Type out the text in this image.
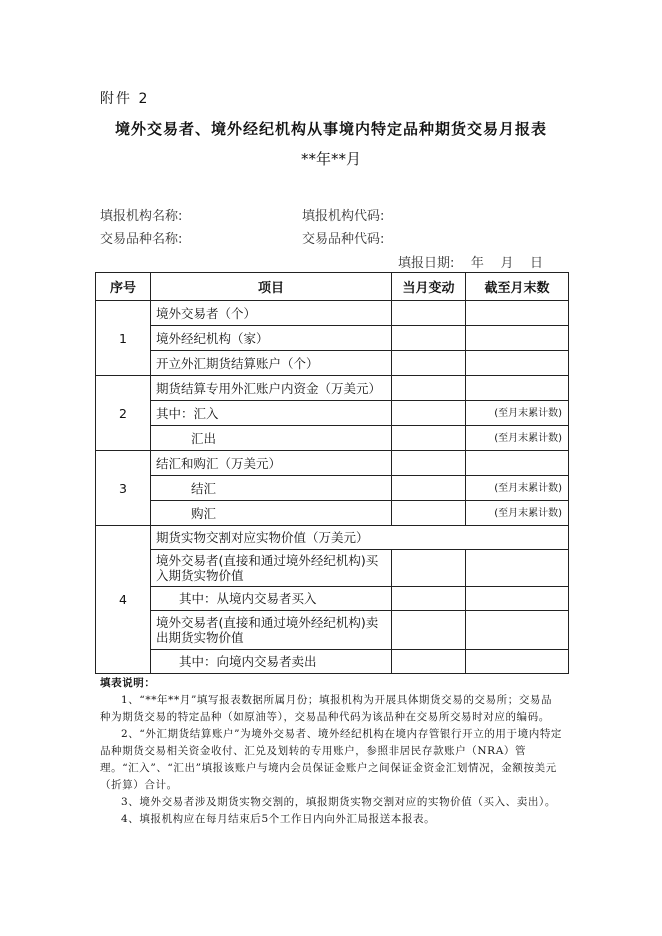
附件 2
境外交易者、境外经纪机构从事境内特定品种期货交易月报表
**年**月
填报机构名称:	填报机构代码:
交易品种名称:	交易品种代码:
填报日期:    年    月    日
序号	项目	当月变动	截至月末数
1	境外交易者（个）		
	境外经纪机构（家）		
	开立外汇期货结算账户（个）		
2	期货结算专用外汇账户内资金（万美元）		
	其中：汇入		(至月末累计数)
	汇出		(至月末累计数)
3	结汇和购汇（万美元）		
	结汇		(至月末累计数)
	购汇		(至月末累计数)
4	期货实物交割对应实物价值（万美元）		
	境外交易者(直接和通过境外经纪机构)买入期货实物价值		
	其中：从境内交易者买入		
	境外交易者(直接和通过境外经纪机构)卖出期货实物价值		
	其中：向境内交易者卖出		

填表说明：

1、“**年**月”填写报表数据所属月份；填报机构为开展具体期货交易的交易所；交易品种为期货交易的特定品种（如原油等），交易品种代码为该品种在交易所交易时对应的编码。

2、“外汇期货结算账户”为境外交易者、境外经纪机构在境内存管银行开立的用于境内特定品种期货交易相关资金收付、汇兑及划转的专用账户，参照非居民存款账户（NRA）管理。“汇入”、“汇出”填报该账户与境内会员保证金账户之间保证金资金汇划情况，金额按美元（折算）合计。

3、境外交易者涉及期货实物交割的，填报期货实物交割对应的实物价值（买入、卖出）。

4、填报机构应在每月结束后5个工作日内向外汇局报送本报表。
